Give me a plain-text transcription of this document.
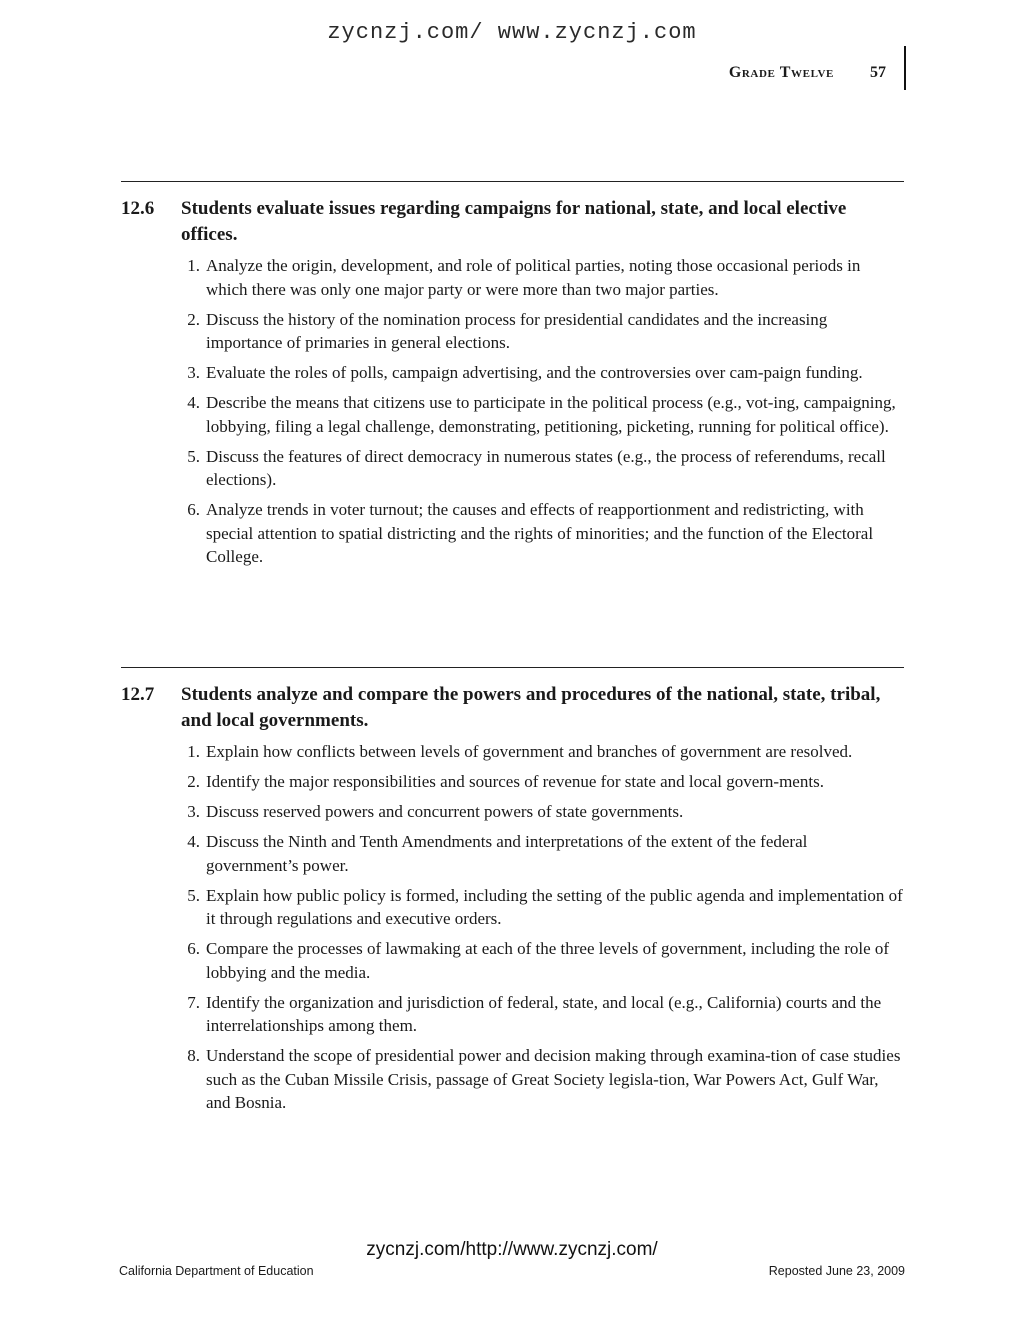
zycnzj.com/ www.zycnzj.com
Grade Twelve 57
12.6	Students evaluate issues regarding campaigns for national, state, and local elective offices.
1. Analyze the origin, development, and role of political parties, noting those occasional periods in which there was only one major party or were more than two major parties.
2. Discuss the history of the nomination process for presidential candidates and the increasing importance of primaries in general elections.
3. Evaluate the roles of polls, campaign advertising, and the controversies over cam-paign funding.
4. Describe the means that citizens use to participate in the political process (e.g., vot-ing, campaigning, lobbying, filing a legal challenge, demonstrating, petitioning, picketing, running for political office).
5. Discuss the features of direct democracy in numerous states (e.g., the process of referendums, recall elections).
6. Analyze trends in voter turnout; the causes and effects of reapportionment and redistricting, with special attention to spatial districting and the rights of minorities; and the function of the Electoral College.
12.7	Students analyze and compare the powers and procedures of the national, state, tribal, and local governments.
1. Explain how conflicts between levels of government and branches of government are resolved.
2. Identify the major responsibilities and sources of revenue for state and local govern-ments.
3. Discuss reserved powers and concurrent powers of state governments.
4. Discuss the Ninth and Tenth Amendments and interpretations of the extent of the federal government’s power.
5. Explain how public policy is formed, including the setting of the public agenda and implementation of it through regulations and executive orders.
6. Compare the processes of lawmaking at each of the three levels of government, including the role of lobbying and the media.
7. Identify the organization and jurisdiction of federal, state, and local (e.g., California) courts and the interrelationships among them.
8. Understand the scope of presidential power and decision making through examina-tion of case studies such as the Cuban Missile Crisis, passage of Great Society legisla-tion, War Powers Act, Gulf War, and Bosnia.
zycnzj.com/http://www.zycnzj.com/
California Department of Education	Reposted June 23, 2009
